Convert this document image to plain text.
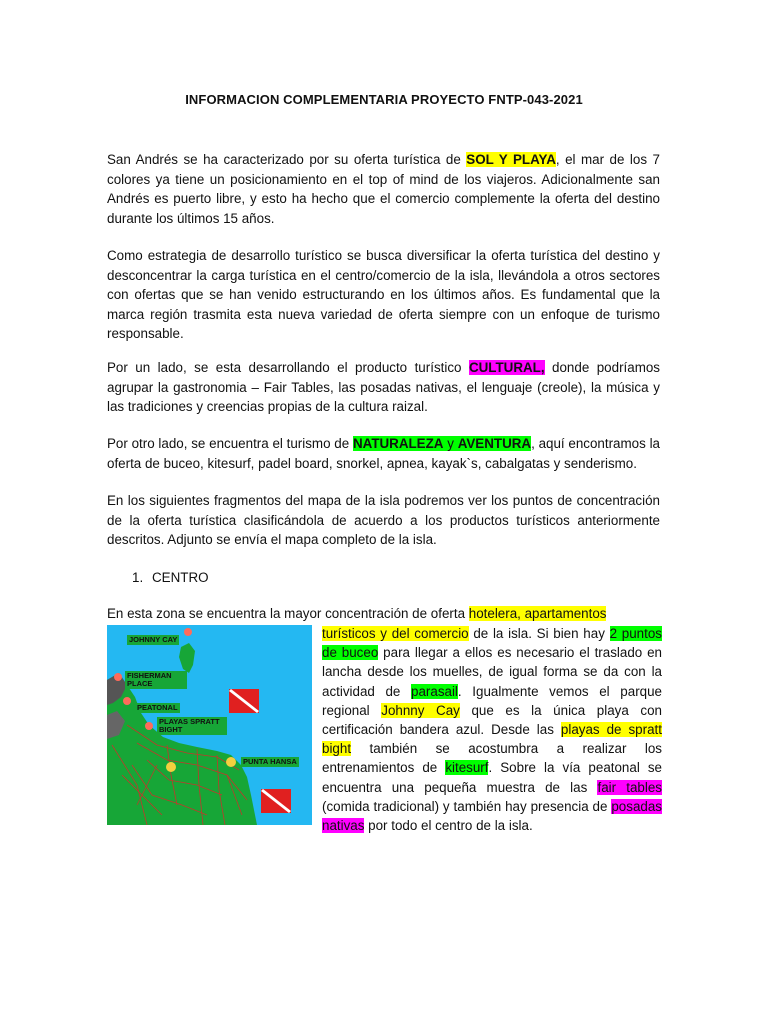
INFORMACION COMPLEMENTARIA PROYECTO FNTP-043-2021
San Andrés se ha caracterizado por su oferta turística de SOL Y PLAYA, el mar de los 7 colores ya tiene un posicionamiento en el top of mind de los viajeros. Adicionalmente san Andrés es puerto libre, y esto ha hecho que el comercio complemente la oferta del destino durante los últimos 15 años.
Como estrategia de desarrollo turístico se busca diversificar la oferta turística del destino y desconcentrar la carga turística en el centro/comercio de la isla, llevándola a otros sectores con ofertas que se han venido estructurando en los últimos años. Es fundamental que la marca región trasmita esta nueva variedad de oferta siempre con un enfoque de turismo responsable.
Por un lado, se esta desarrollando el producto turístico CULTURAL, donde podríamos agrupar la gastronomia – Fair Tables, las posadas nativas, el lenguaje (creole), la música y las tradiciones y creencias propias de la cultura raizal.
Por otro lado, se encuentra el turismo de NATURALEZA y AVENTURA, aquí encontramos la oferta de buceo, kitesurf, padel board, snorkel, apnea, kayak`s, cabalgatas y senderismo.
En los siguientes fragmentos del mapa de la isla podremos ver los puntos de concentración de la oferta turística clasificándola de acuerdo a los productos turísticos anteriormente descritos. Adjunto se envía el mapa completo de la isla.
1. CENTRO
En esta zona se encuentra la mayor concentración de oferta hotelera, apartamentos
JOHNNY CAY
FISHERMAN PLACE
PEATONAL
PLAYAS SPRATT BIGHT
PUNTA HANSA
turísticos y del comercio de la isla. Si bien hay 2 puntos de buceo para llegar a ellos es necesario el traslado en lancha desde los muelles, de igual forma se da con la actividad de parasail. Igualmente vemos el parque regional Johnny Cay que es la única playa con certificación bandera azul. Desde las playas de spratt bight también se acostumbra a realizar los entrenamientos de kitesurf. Sobre la vía peatonal se encuentra una pequeña muestra de las fair tables (comida tradicional) y también hay presencia de posadas nativas por todo el centro de la isla.
